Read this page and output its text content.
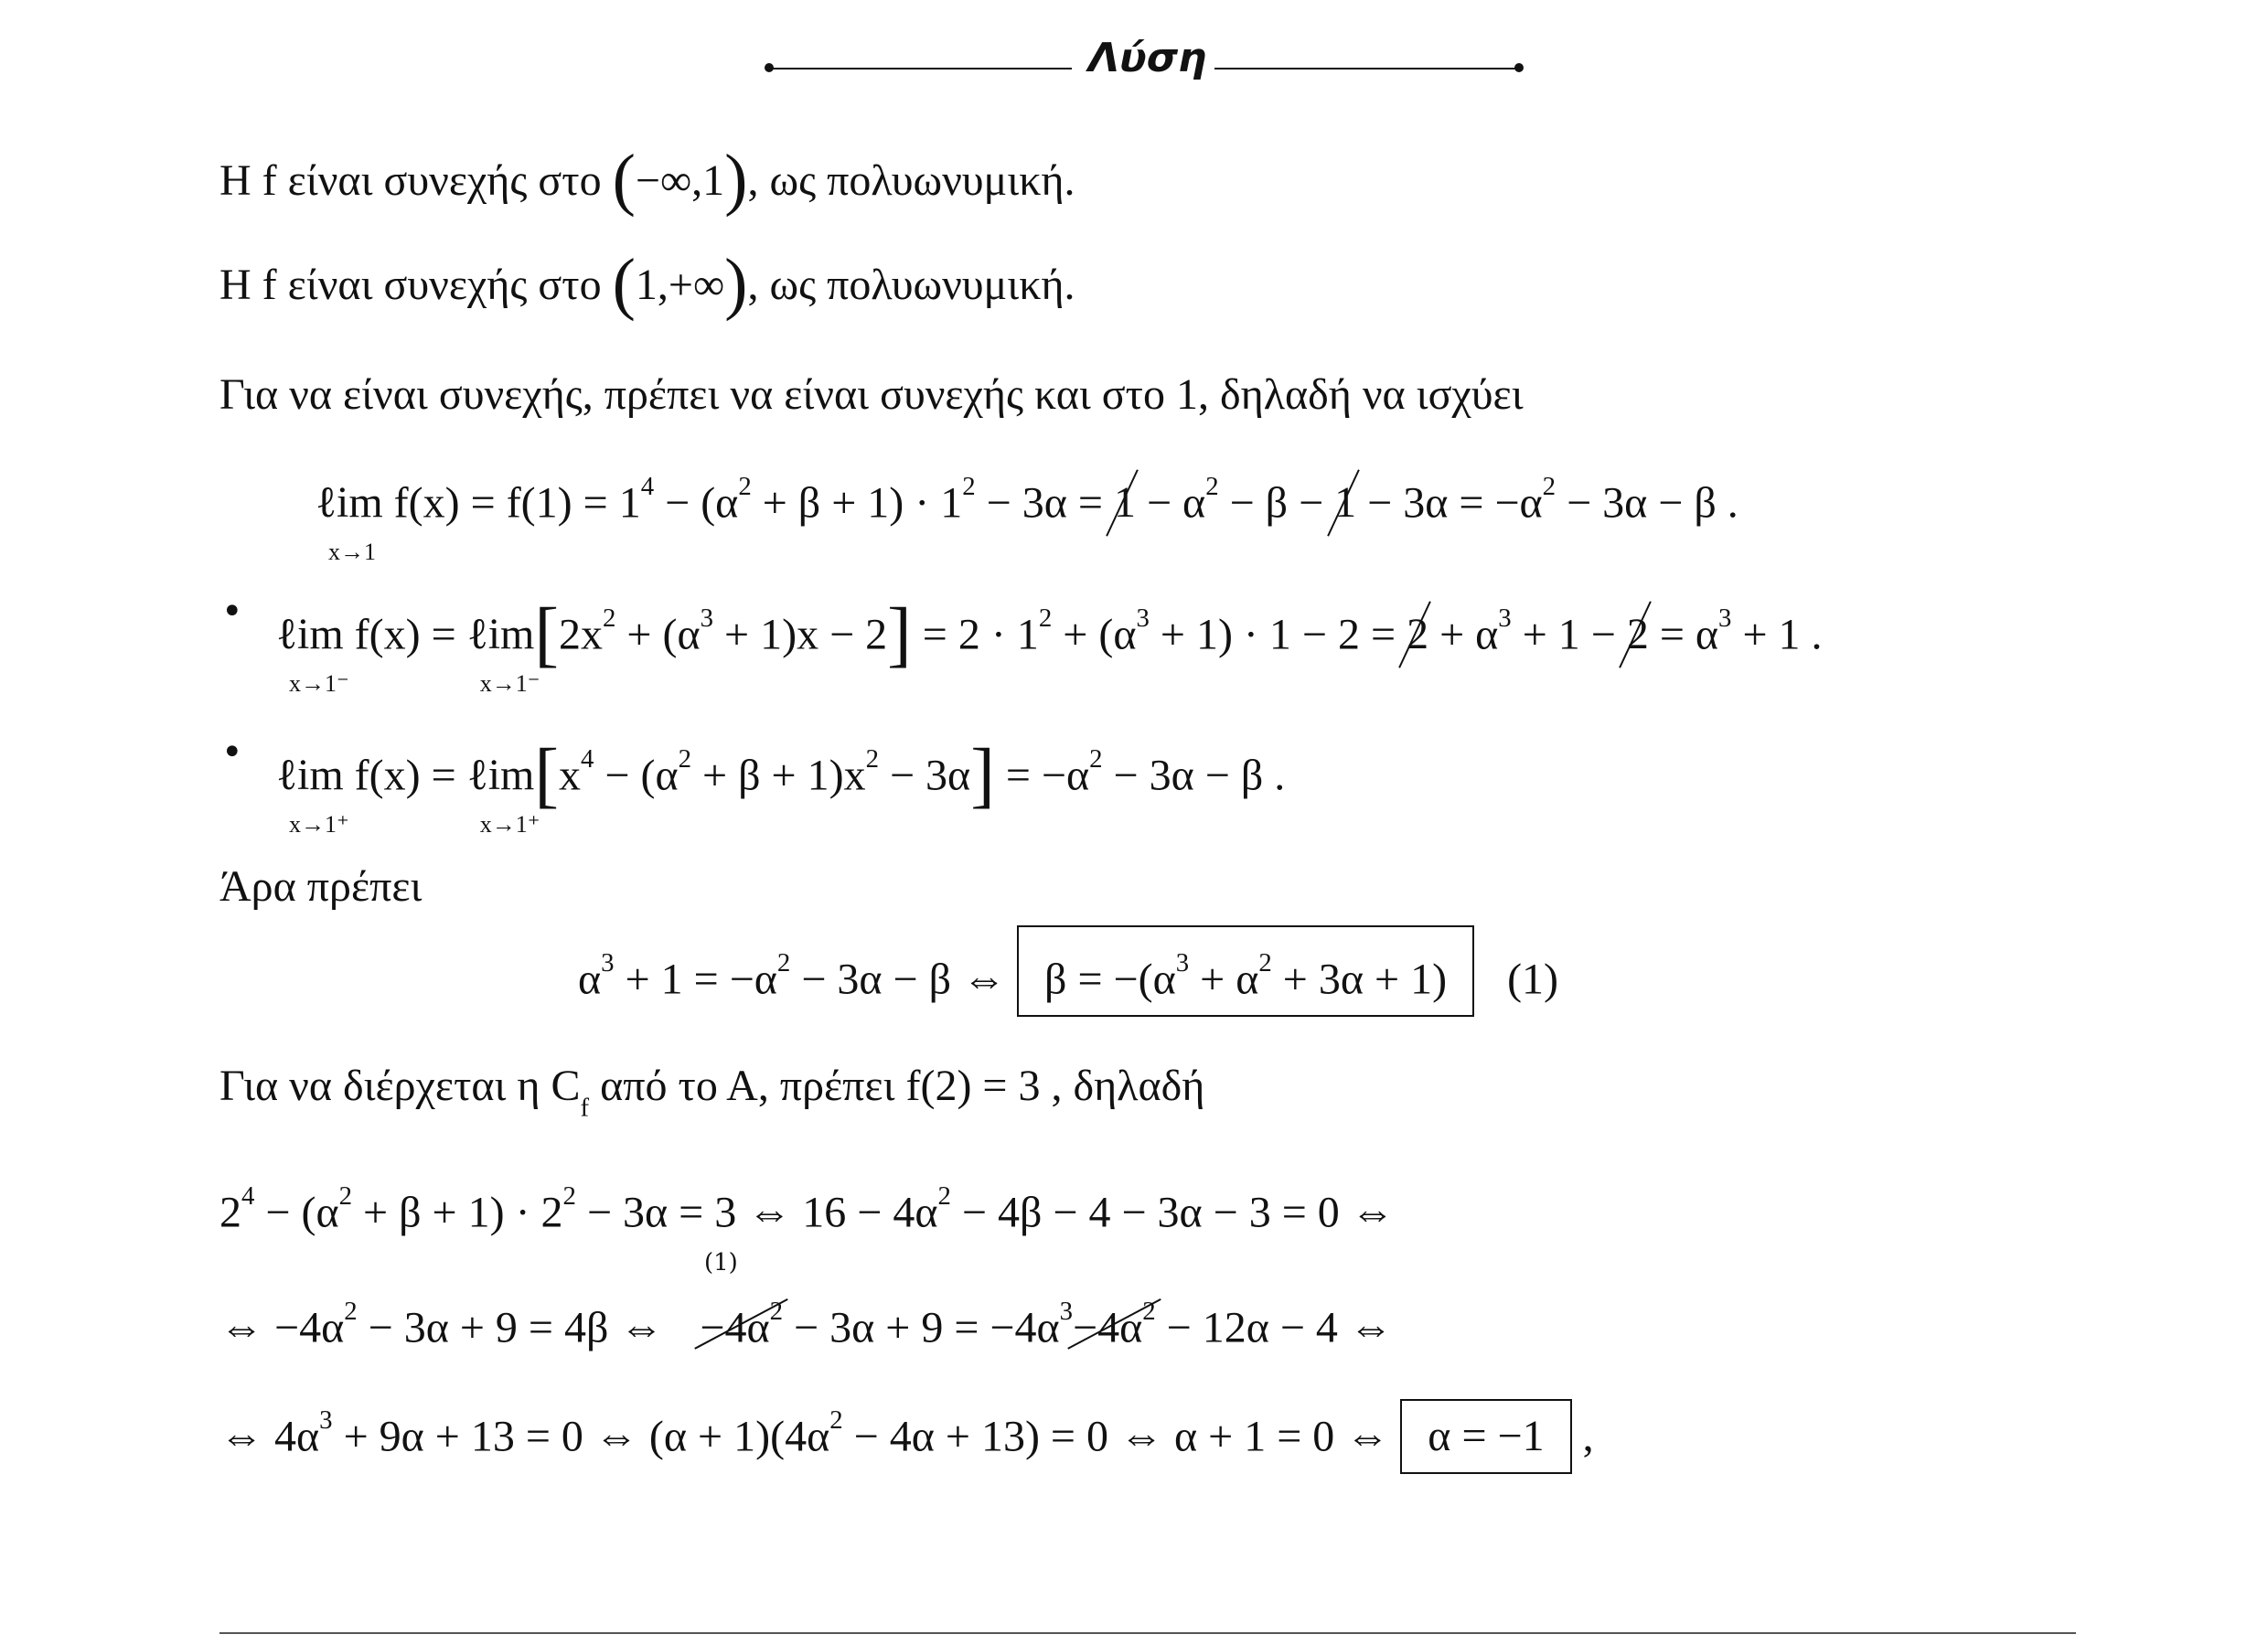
Λύση
Η f είναι συνεχής στο (−∞,1), ως πολυωνυμική.
Η f είναι συνεχής στο (1,+∞), ως πολυωνυμική.
Για να είναι συνεχής, πρέπει να είναι συνεχής και στο 1, δηλαδή να ισχύει
ℓim
x→1
$f(x) = f(1) = 1^4 - (\alpha^2 + \beta + 1) \cdot 1^2 - 3\alpha = 1 - \alpha^2 - \beta - 1 - 3\alpha = -\alpha^2 - 3\alpha - \beta$ .
• ℓim
x→1⁻
f(x) = ℓim
x→1⁻
$[2x^2 + (\alpha^3 + 1)x - 2] = 2 \cdot 1^2 + (\alpha^3 + 1) \cdot 1 - 2 = 2 + \alpha^3 + 1 - 2 = \alpha^3 + 1$ .
• ℓim
x→1⁺
f(x) = ℓim
x→1⁺
$[x^4 - (\alpha^2 + \beta + 1)x^2 - 3\alpha] = -\alpha^2 - 3\alpha - \beta$ .
Άρα πρέπει
$\alpha^3 + 1 = -\alpha^2 - 3\alpha - \beta$ ⇔ $\beta = -(\alpha^3 + \alpha^2 + 3\alpha + 1)$ (1)
Για να διέρχεται η $C_f$ από το Α, πρέπει f(2) = 3 , δηλαδή
$2^4 - (\alpha^2 + \beta + 1) \cdot 2^2 - 3\alpha = 3$ ⇔ $16 - 4\alpha^2 - 4\beta - 4 - 3\alpha - 3 = 0$ ⇔
(1)
⇔ $-4\alpha^2 - 3\alpha + 9 = 4\beta$ ⇔ $-4\alpha^2 - 3\alpha + 9 = -4\alpha^3-4\alpha^2 - 12\alpha - 4$ ⇔
⇔ $4\alpha^3 + 9\alpha + 13 = 0$ ⇔ $(\alpha + 1)(4\alpha^2 - 4\alpha + 13) = 0$ ⇔ α + 1 = 0 ⇔ α = −1 ,
